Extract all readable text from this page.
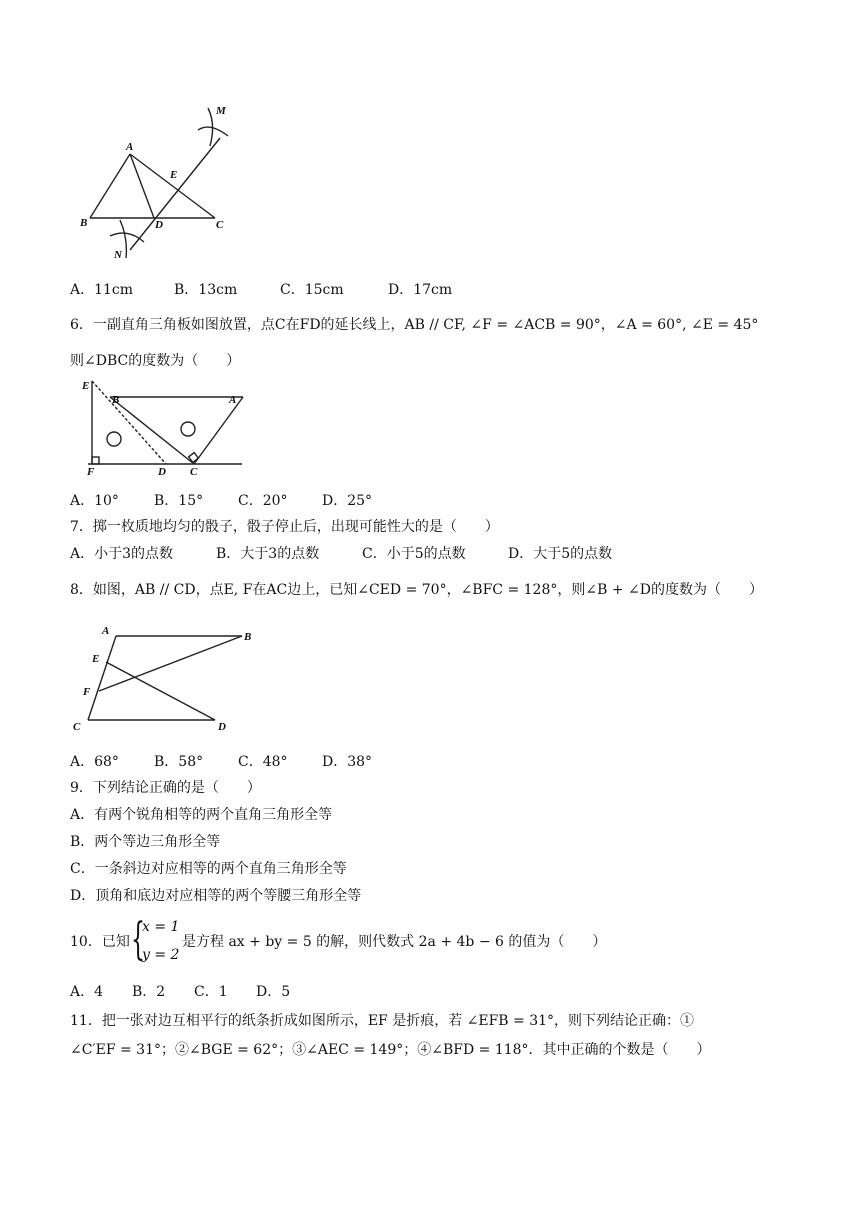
M
A
E
B	D	C
N
A．11cm	B．13cm	C．15cm	D．17cm
6．一副直角三角板如图放置，点C在FD的延长线上，AB // CF, ∠F = ∠ACB = 90°，∠A = 60°, ∠E = 45°
则∠DBC的度数为（　　）
E
B	A
F	D C
A．10°	B．15° C．20° D．25°
7．掷一枚质地均匀的骰子，骰子停止后，出现可能性大的是（　　）
A．小于3的点数	B．大于3的点数	C．小于5的点数	D．大于5的点数
8．如图，AB // CD，点E, F在AC边上，已知∠CED = 70°，∠BFC = 128°，则∠B + ∠D的度数为（　　）
A	B
E
F
C	D
A．68°	B．58° C．48° D．38°
9．下列结论正确的是（　　）
A．有两个锐角相等的两个直角三角形全等
B．两个等边三角形全等
C．一条斜边对应相等的两个直角三角形全等
D．顶角和底边对应相等的两个等腰三角形全等
10．已知 {
x = 1
y = 2
是方程 ax + by = 5 的解，则代数式 2a + 4b − 6 的值为（　　）
A．4 B．2 C．1 D．5
11．把一张对边互相平行的纸条折成如图所示，EF 是折痕，若 ∠EFB = 31°，则下列结论正确：①
∠C′EF = 31°；②∠BGE = 62°；③∠AEC = 149°；④∠BFD = 118°．其中正确的个数是（　　）
